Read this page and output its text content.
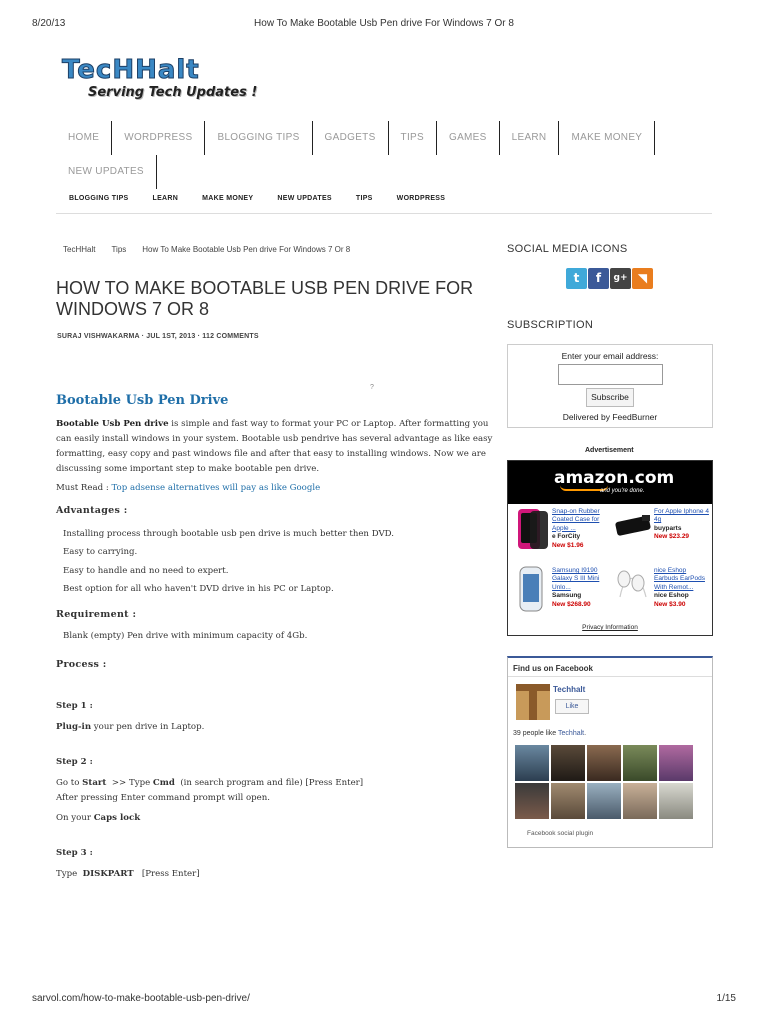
8/20/13	How To Make Bootable Usb Pen drive For Windows 7 Or 8
TecHHalt
Serving Tech Updates !
HOME	WORDPRESS	BLOGGING TIPS	GADGETS	TIPS	GAMES	LEARN	MAKE MONEY
NEW UPDATES
BLOGGING TIPS	LEARN	MAKE MONEY	NEW UPDATES	TIPS	WORDPRESS
TecHHalt Tips How To Make Bootable Usb Pen drive For Windows 7 Or 8
HOW TO MAKE BOOTABLE USB PEN DRIVE FOR WINDOWS 7 OR 8
SURAJ VISHWAKARMA · JUL 1ST, 2013 · 112 COMMENTS
?
Bootable Usb Pen Drive
Bootable Usb Pen drive is simple and fast way to format your PC or Laptop. After formatting you can easily install windows in your system. Bootable usb pendrive has several advantage as like easy formatting, easy copy and past windows file and after that easy to installing windows. Now we are discussing some important step to make bootable pen drive.
Must Read : Top adsense alternatives will pay as like Google
Advantages :
Installing process through bootable usb pen drive is much better then DVD.
Easy to carrying.
Easy to handle and no need to expert.
Best option for all who haven't DVD drive in his PC or Laptop.
Requirement :
Blank (empty) Pen drive with minimum capacity of 4Gb.
Process :
Step 1 :
Plug-in your pen drive in Laptop.
Step 2 :
Go to Start  >> Type Cmd  (in search program and file) [Press Enter]
After pressing Enter command prompt will open.
On your Caps lock
Step 3 :
Type  DISKPART   [Press Enter]
SOCIAL MEDIA ICONS
t	f	g+ ◥
SUBSCRIPTION
Enter your email address:
Subscribe
Delivered by FeedBurner
Advertisement
amazon.com
and you're done.
Snap-on Rubber Coated Case for Apple ...
e ForCity
New $1.96
For Apple Iphone 4 4g
buyparts
New $23.29
Samsung I9190 Galaxy S III Mini Unlo...
Samsung
New $268.90
nice Eshop Earbuds EarPods With Remot...
nice Eshop
New $3.90
Privacy Information
Find us on Facebook
Techhalt
Like
39 people like Techhalt.
Facebook social plugin
sarvol.com/how-to-make-bootable-usb-pen-drive/	1/15
